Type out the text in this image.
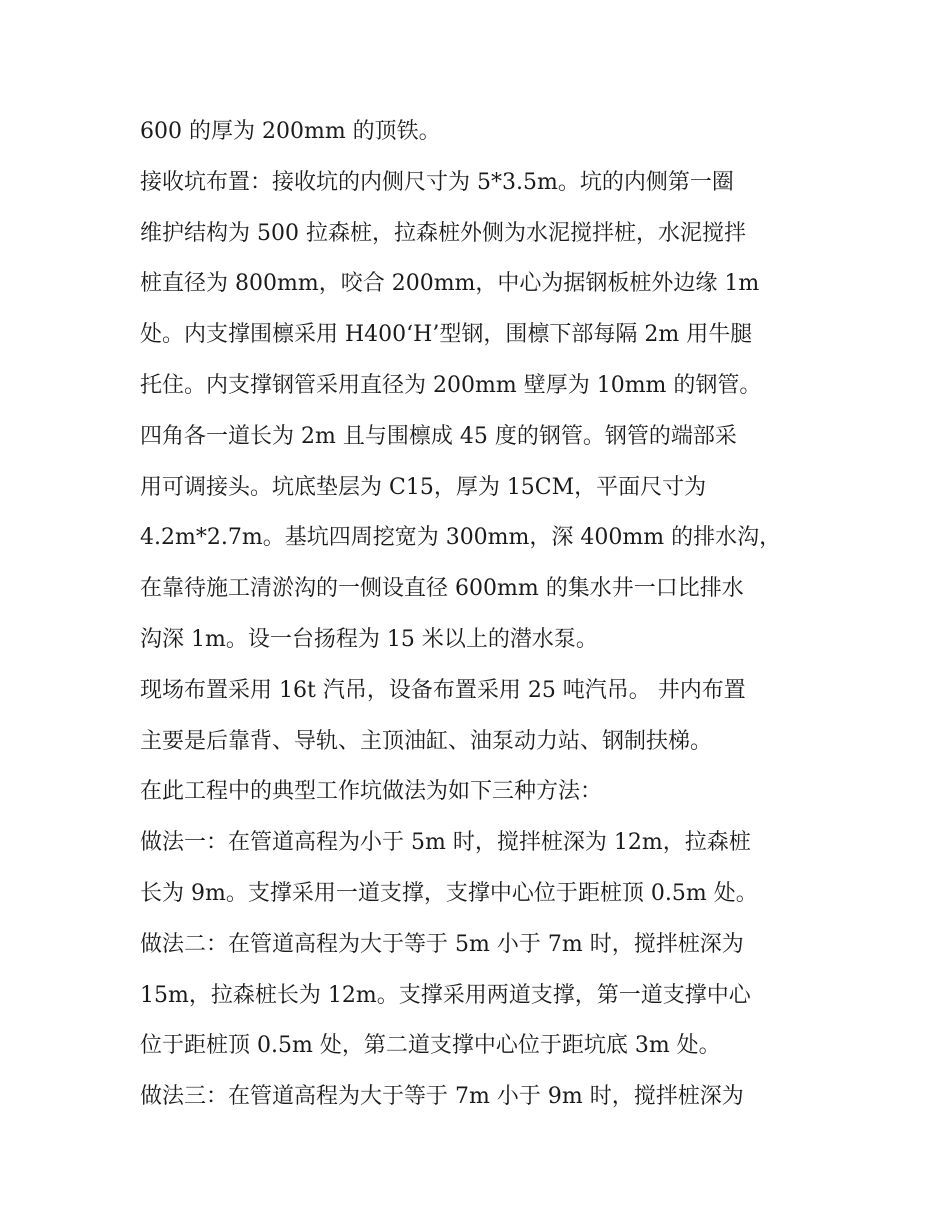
600 的厚为 200mm 的顶铁。
接收坑布置：接收坑的内侧尺寸为 5*3.5m。坑的内侧第一圈
维护结构为 500 拉森桩，拉森桩外侧为水泥搅拌桩，水泥搅拌
桩直径为 800mm，咬合 200mm，中心为据钢板桩外边缘 1m
处。内支撑围檩采用 H400‘H’型钢，围檩下部每隔 2m 用牛腿
托住。内支撑钢管采用直径为 200mm 壁厚为 10mm 的钢管。
四角各一道长为 2m 且与围檩成 45 度的钢管。钢管的端部采
用可调接头。坑底垫层为 C15，厚为 15CM，平面尺寸为
4.2m*2.7m。基坑四周挖宽为 300mm，深 400mm 的排水沟，
在靠待施工清淤沟的一侧设直径 600mm 的集水井一口比排水
沟深 1m。设一台扬程为 15 米以上的潜水泵。
现场布置采用 16t 汽吊，设备布置采用 25 吨汽吊。 井内布置
主要是后靠背、导轨、主顶油缸、油泵动力站、钢制扶梯。
在此工程中的典型工作坑做法为如下三种方法：
做法一：在管道高程为小于 5m 时，搅拌桩深为 12m，拉森桩
长为 9m。支撑采用一道支撑，支撑中心位于距桩顶 0.5m 处。
做法二：在管道高程为大于等于 5m 小于 7m 时，搅拌桩深为
15m，拉森桩长为 12m。支撑采用两道支撑，第一道支撑中心
位于距桩顶 0.5m 处，第二道支撑中心位于距坑底 3m 处。
做法三：在管道高程为大于等于 7m 小于 9m 时，搅拌桩深为
